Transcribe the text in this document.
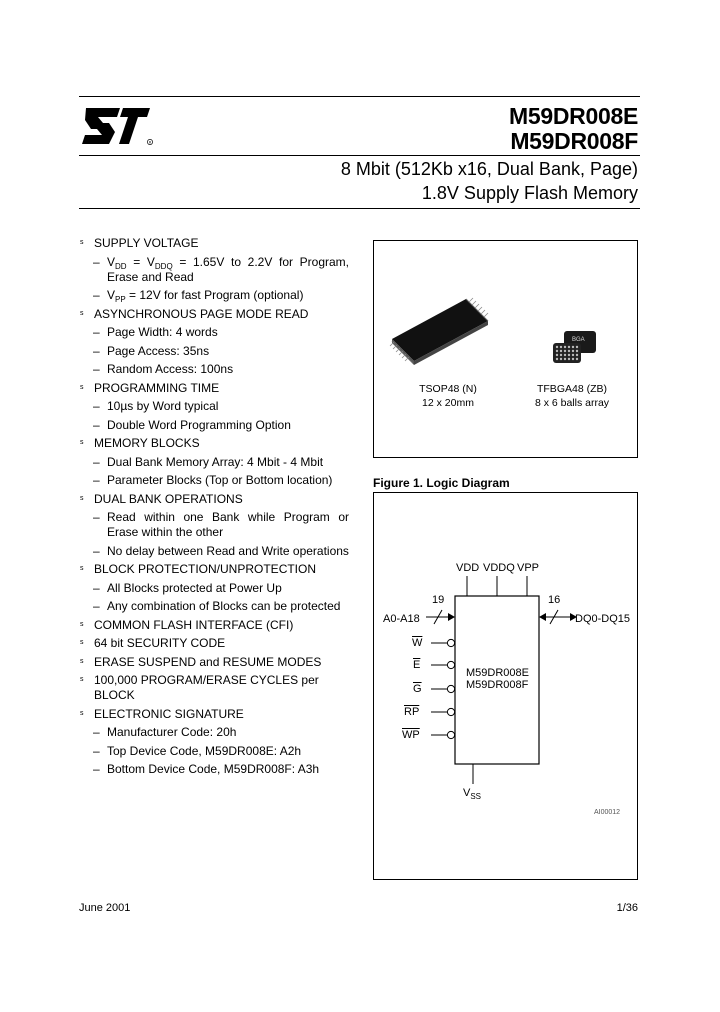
R
M59DR008E
M59DR008F
8 Mbit (512Kb x16, Dual Bank, Page)
1.8V Supply Flash Memory
s SUPPLY VOLTAGE
– $V_{DD} = V_{DDQ} = 1.65V$ to 2.2V for Program, Erase and Read
– $V_{PP} = 12V$ for fast Program (optional)
s ASYNCHRONOUS PAGE MODE READ
– Page Width: 4 words
– Page Access: 35ns
– Random Access: 100ns
s PROGRAMMING TIME
– 10µs by Word typical
– Double Word Programming Option
s MEMORY BLOCKS
– Dual Bank Memory Array: 4 Mbit - 4 Mbit
– Parameter Blocks (Top or Bottom location)
s DUAL BANK OPERATIONS
– Read within one Bank while Program or Erase within the other
– No delay between Read and Write operations
s BLOCK PROTECTION/UNPROTECTION
– All Blocks protected at Power Up
– Any combination of Blocks can be protected
s COMMON FLASH INTERFACE (CFI)
s 64 bit SECURITY CODE
s ERASE SUSPEND and RESUME MODES
s 100,000 PROGRAM/ERASE CYCLES per BLOCK
s ELECTRONIC SIGNATURE
– Manufacturer Code: 20h
– Top Device Code, M59DR008E: A2h
– Bottom Device Code, M59DR008F: A3h
BGA
TSOP48 (N)
12 x 20mm
TFBGA48 (ZB)
8 x 6 balls array
Figure 1. Logic Diagram
VDD VDDQ VPP
19
A0-A18
16
DQ0-DQ15
$\overline{W}$
$\overline{E}$
$\overline{G}$
$\overline{RP}$
$\overline{WP}$
M59DR008E
M59DR008F
$V_{SS}$
AI00012
June 2001	1/36
